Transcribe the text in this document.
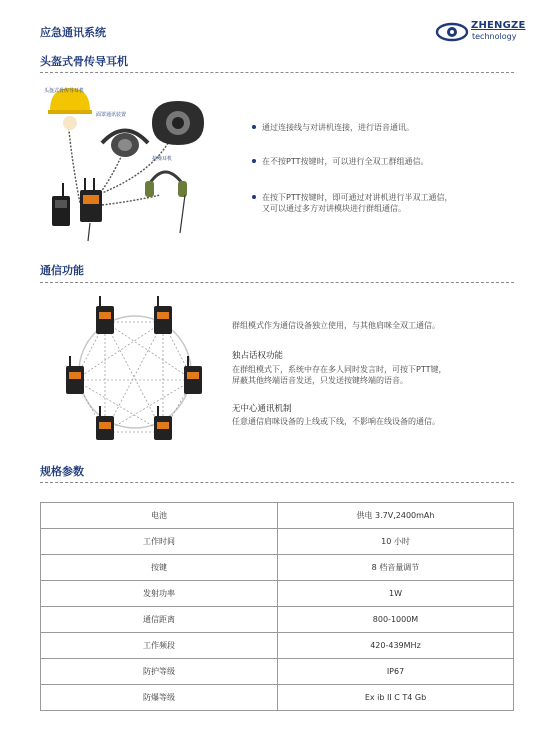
应急通讯系统
ZHENGZE
technology
头盔式骨传导耳机
头盔式骨传导耳机
面罩通讯装置
抗噪耳机
通过连接线与对讲机连接，进行语音通讯。
在不按PTT按键时，可以进行全双工群组通信。
在按下PTT按键时，即可通过对讲机进行半双工通信，
又可以通过多方对讲模块进行群组通信。
通信功能
群组模式作为通信设备独立使用，与其他肩咪全双工通信。
独占话权功能
在群组模式下，系统中存在多人同时发言时，可按下PTT键，
屏蔽其他终端语音发送，只发送按键终端的语音。
无中心通讯机制
任意通信肩咪设备的上线或下线，不影响在线设备的通信。
规格参数
电池	供电 3.7V,2400mAh
工作时间	10 小时
按键	8 档音量调节
发射功率	1W
通信距离	800-1000M
工作频段	420-439MHz
防护等级	IP67
防爆等级	Ex ib II C T4 Gb
